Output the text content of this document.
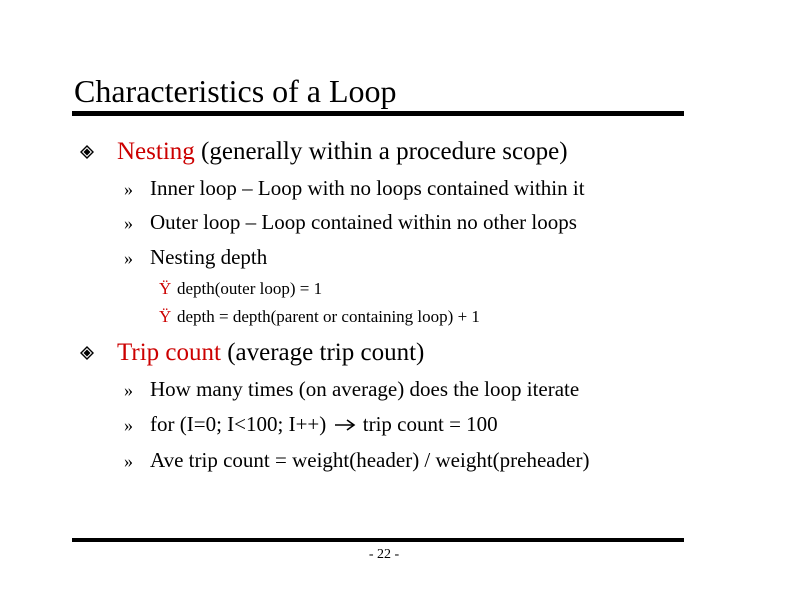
Characteristics of a Loop
Nesting (generally within a procedure scope)
» Inner loop – Loop with no loops contained within it
» Outer loop – Loop contained within no other loops
» Nesting depth
Ÿ depth(outer loop) = 1
Ÿ depth = depth(parent or containing loop) + 1
Trip count (average trip count)
» How many times (on average) does the loop iterate
» for (I=0; I<100; I++)  trip count = 100
» Ave trip count = weight(header) / weight(preheader)
- 22 -
